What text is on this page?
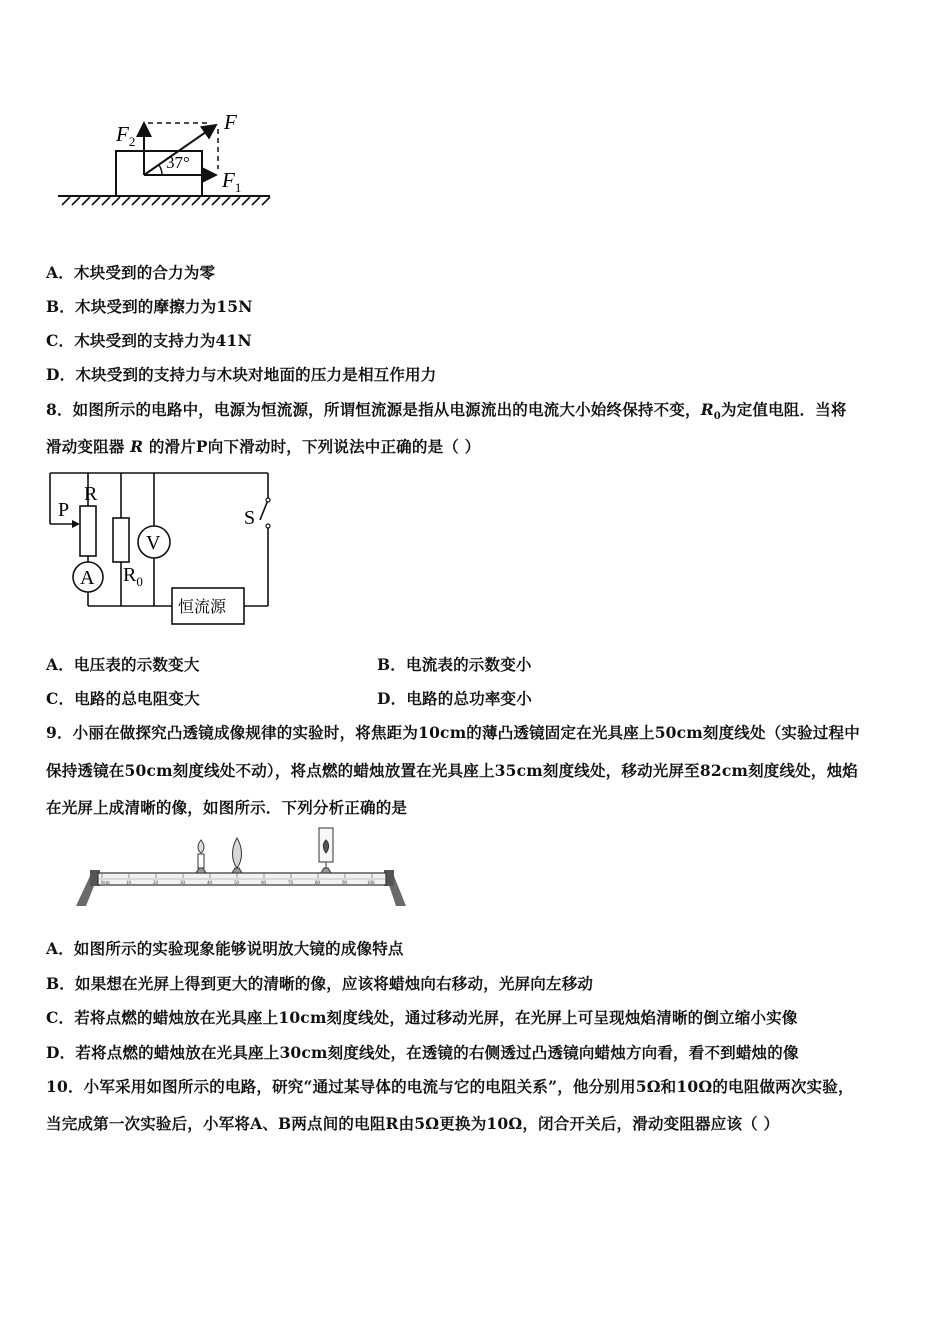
37°
F
$F_1$
$F_2$
A．木块受到的合力为零
B．木块受到的摩擦力为15N
C．木块受到的支持力为41N
D．木块受到的支持力与木块对地面的压力是相互作用力
8．如图所示的电路中，电源为恒流源，所谓恒流源是指从电源流出的电流大小始终保持不变，$R_0$为定值电阻．当将
滑动变阻器 R 的滑片P向下滑动时，下列说法中正确的是（ ）
P
R
S
V
A $R_0$
恒流源
A．电压表的示数变大	B．电流表的示数变小
C．电路的总电阻变大	D．电路的总功率变小
9．小丽在做探究凸透镜成像规律的实验时，将焦距为10cm的薄凸透镜固定在光具座上50cm刻度线处（实验过程中
保持透镜在50cm刻度线处不动），将点燃的蜡烛放置在光具座上35cm刻度线处，移动光屏至82cm刻度线处，烛焰
在光屏上成清晰的像，如图所示．下列分析正确的是
0cm	10	20	30	40	50	60	70	80	90	100
A．如图所示的实验现象能够说明放大镜的成像特点
B．如果想在光屏上得到更大的清晰的像，应该将蜡烛向右移动，光屏向左移动
C．若将点燃的蜡烛放在光具座上10cm刻度线处，通过移动光屏，在光屏上可呈现烛焰清晰的倒立缩小实像
D．若将点燃的蜡烛放在光具座上30cm刻度线处，在透镜的右侧透过凸透镜向蜡烛方向看，看不到蜡烛的像
10．小军采用如图所示的电路，研究“通过某导体的电流与它的电阻关系”，他分别用5Ω和10Ω的电阻做两次实验，
当完成第一次实验后，小军将A、B两点间的电阻R由5Ω更换为10Ω，闭合开关后，滑动变阻器应该（ ）
